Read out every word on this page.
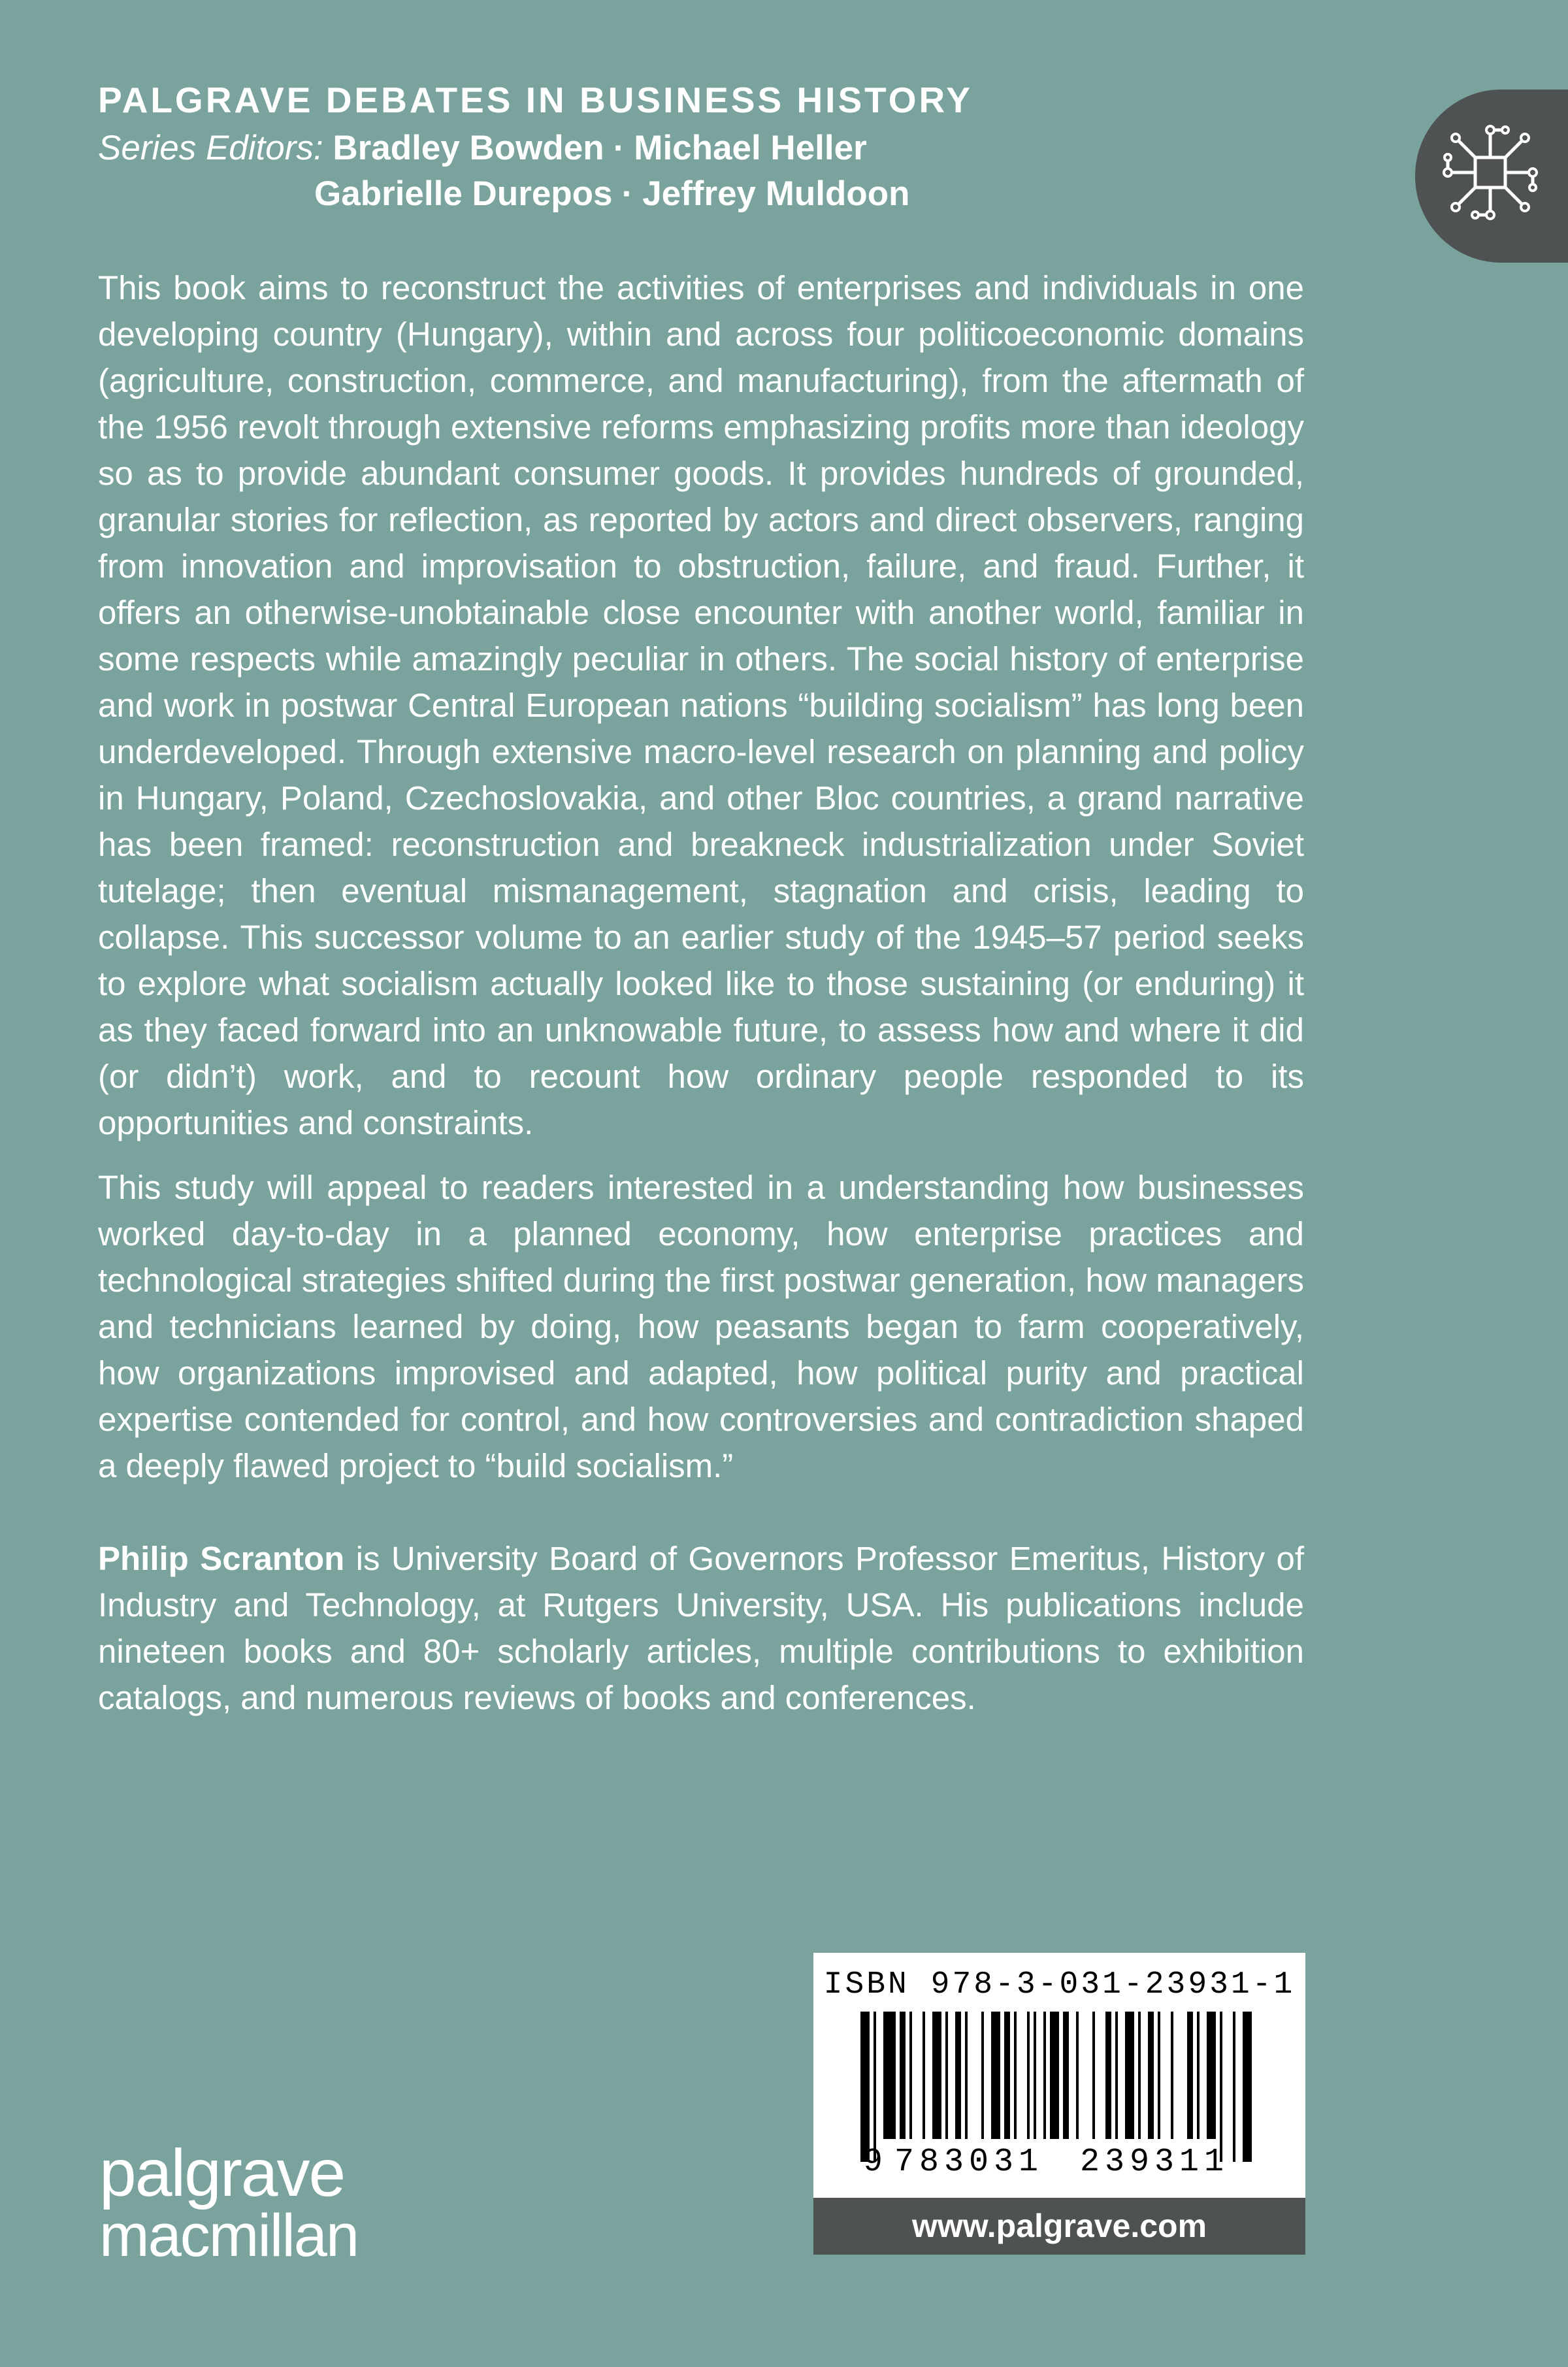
PALGRAVE DEBATES IN BUSINESS HISTORY
Series Editors: Bradley Bowden · Michael Heller
Gabrielle Durepos · Jeffrey Muldoon

This book aims to reconstruct the activities of enterprises and individuals in one developing country (Hungary), within and across four politicoeconomic domains (agriculture, construction, commerce, and manufacturing), from the aftermath of the 1956 revolt through extensive reforms emphasizing profits more than ideology so as to provide abundant consumer goods. It provides hundreds of grounded, granular stories for reflection, as reported by actors and direct observers, ranging from innovation and improvisation to obstruction, failure, and fraud. Further, it offers an otherwise-unobtainable close encounter with another world, familiar in some respects while amazingly peculiar in others. The social history of enterprise and work in postwar Central European nations “building socialism” has long been underdeveloped. Through extensive macro-level research on planning and policy in Hungary, Poland, Czechoslovakia, and other Bloc countries, a grand narrative has been framed: reconstruction and breakneck industrialization under Soviet tutelage; then eventual mismanagement, stagnation and crisis, leading to collapse. This successor volume to an earlier study of the 1945–57 period seeks to explore what socialism actually looked like to those sustaining (or enduring) it as they faced forward into an unknowable future, to assess how and where it did (or didn’t) work, and to recount how ordinary people responded to its opportunities and constraints.

This study will appeal to readers interested in a understanding how businesses worked day-to-day in a planned economy, how enterprise practices and technological strategies shifted during the first postwar generation, how managers and technicians learned by doing, how peasants began to farm cooperatively, how organizations improvised and adapted, how political purity and practical expertise contended for control, and how controversies and contradiction shaped a deeply flawed project to “build socialism.”

Philip Scranton is University Board of Governors Professor Emeritus, History of Industry and Technology, at Rutgers University, USA. His publications include nineteen books and 80+ scholarly articles, multiple contributions to exhibition catalogs, and numerous reviews of books and conferences.

palgrave
macmillan
ISBN 978-3-031-23931-1
9 783031 239311
www.palgrave.com
